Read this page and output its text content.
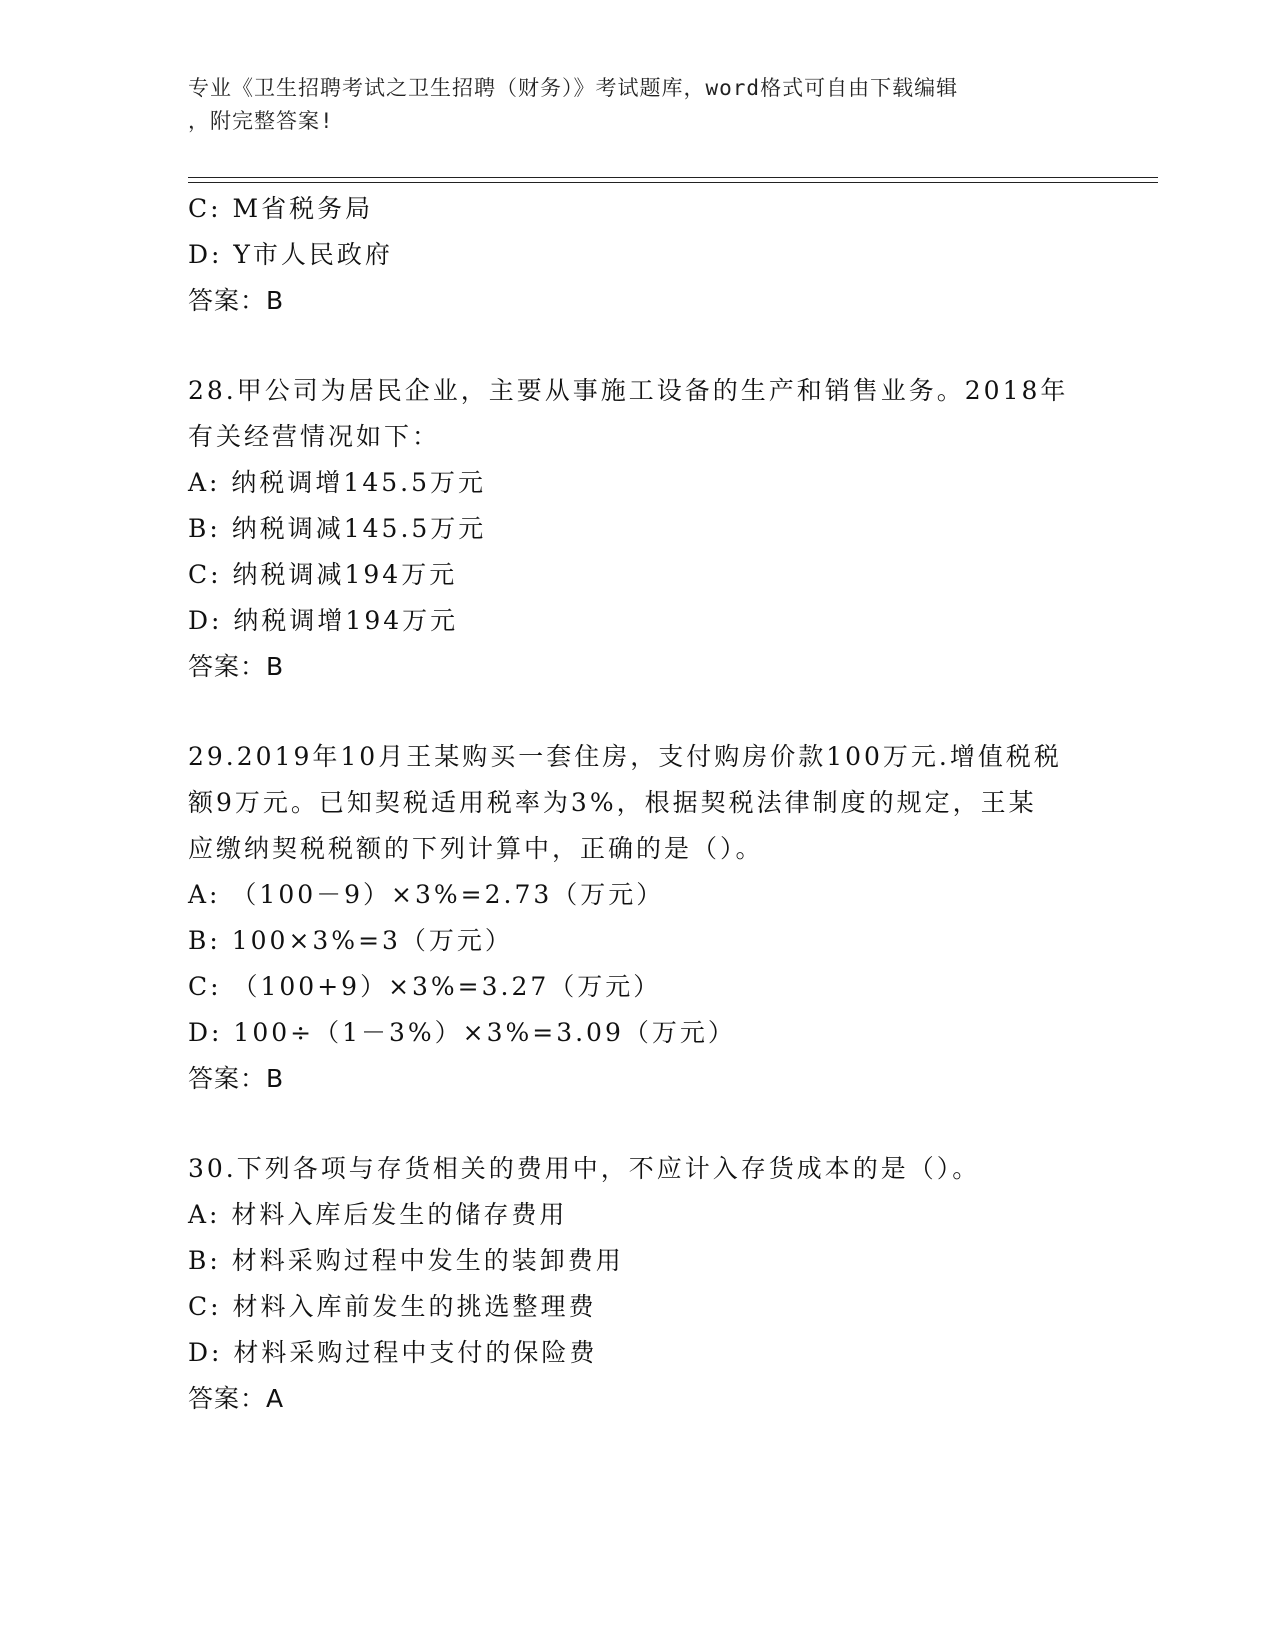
专业《卫生招聘考试之卫生招聘（财务）》考试题库，word格式可自由下载编辑
，附完整答案!
C: M省税务局
D: Y市人民政府
答案：B
28.甲公司为居民企业，主要从事施工设备的生产和销售业务。2018年
有关经营情况如下：
A: 纳税调增145.5万元
B: 纳税调减145.5万元
C: 纳税调减194万元
D: 纳税调增194万元
答案：B
29.2019年10月王某购买一套住房，支付购房价款100万元.增值税税
额9万元。已知契税适用税率为3%，根据契税法律制度的规定，王某
应缴纳契税税额的下列计算中，正确的是（）。
A: （100－9）×3%=2.73（万元）
B: 100×3%=3（万元）
C: （100+9）×3%=3.27（万元）
D: 100÷（1－3%）×3%=3.09（万元）
答案：B
30.下列各项与存货相关的费用中，不应计入存货成本的是（）。
A: 材料入库后发生的储存费用
B: 材料采购过程中发生的装卸费用
C: 材料入库前发生的挑选整理费
D: 材料采购过程中支付的保险费
答案：A
